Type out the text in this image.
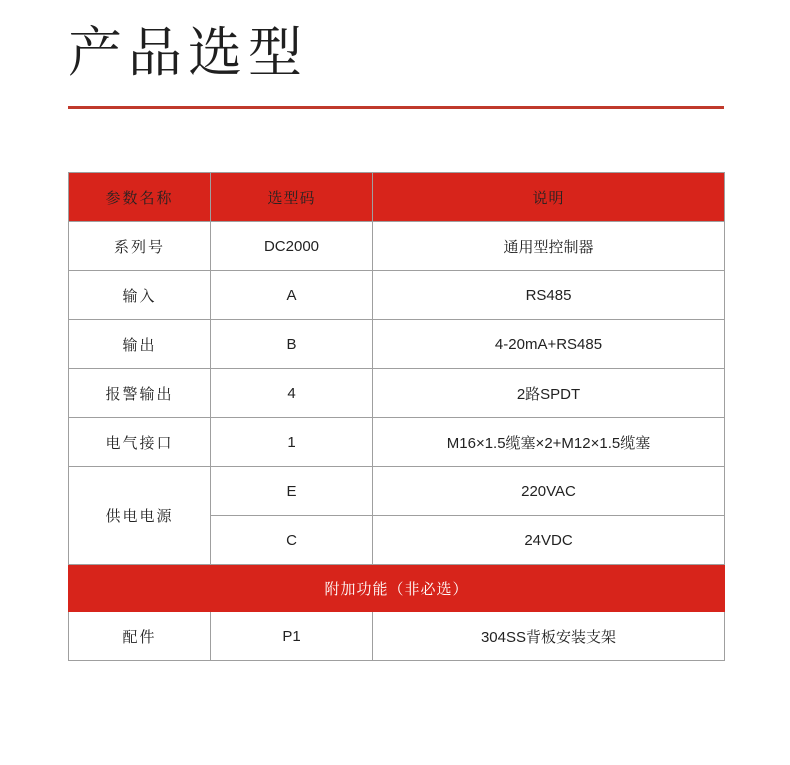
产品选型
参数名称	选型码	说明
系列号	DC2000	通用型控制器
输入	A	RS485
输出	B	4-20mA+RS485
报警输出	4	2路SPDT
电气接口	1	M16×1.5缆塞×2+M12×1.5缆塞
供电电源	E	220VAC
	C	24VDC
附加功能（非必选）		
配件	P1	304SS背板安装支架
